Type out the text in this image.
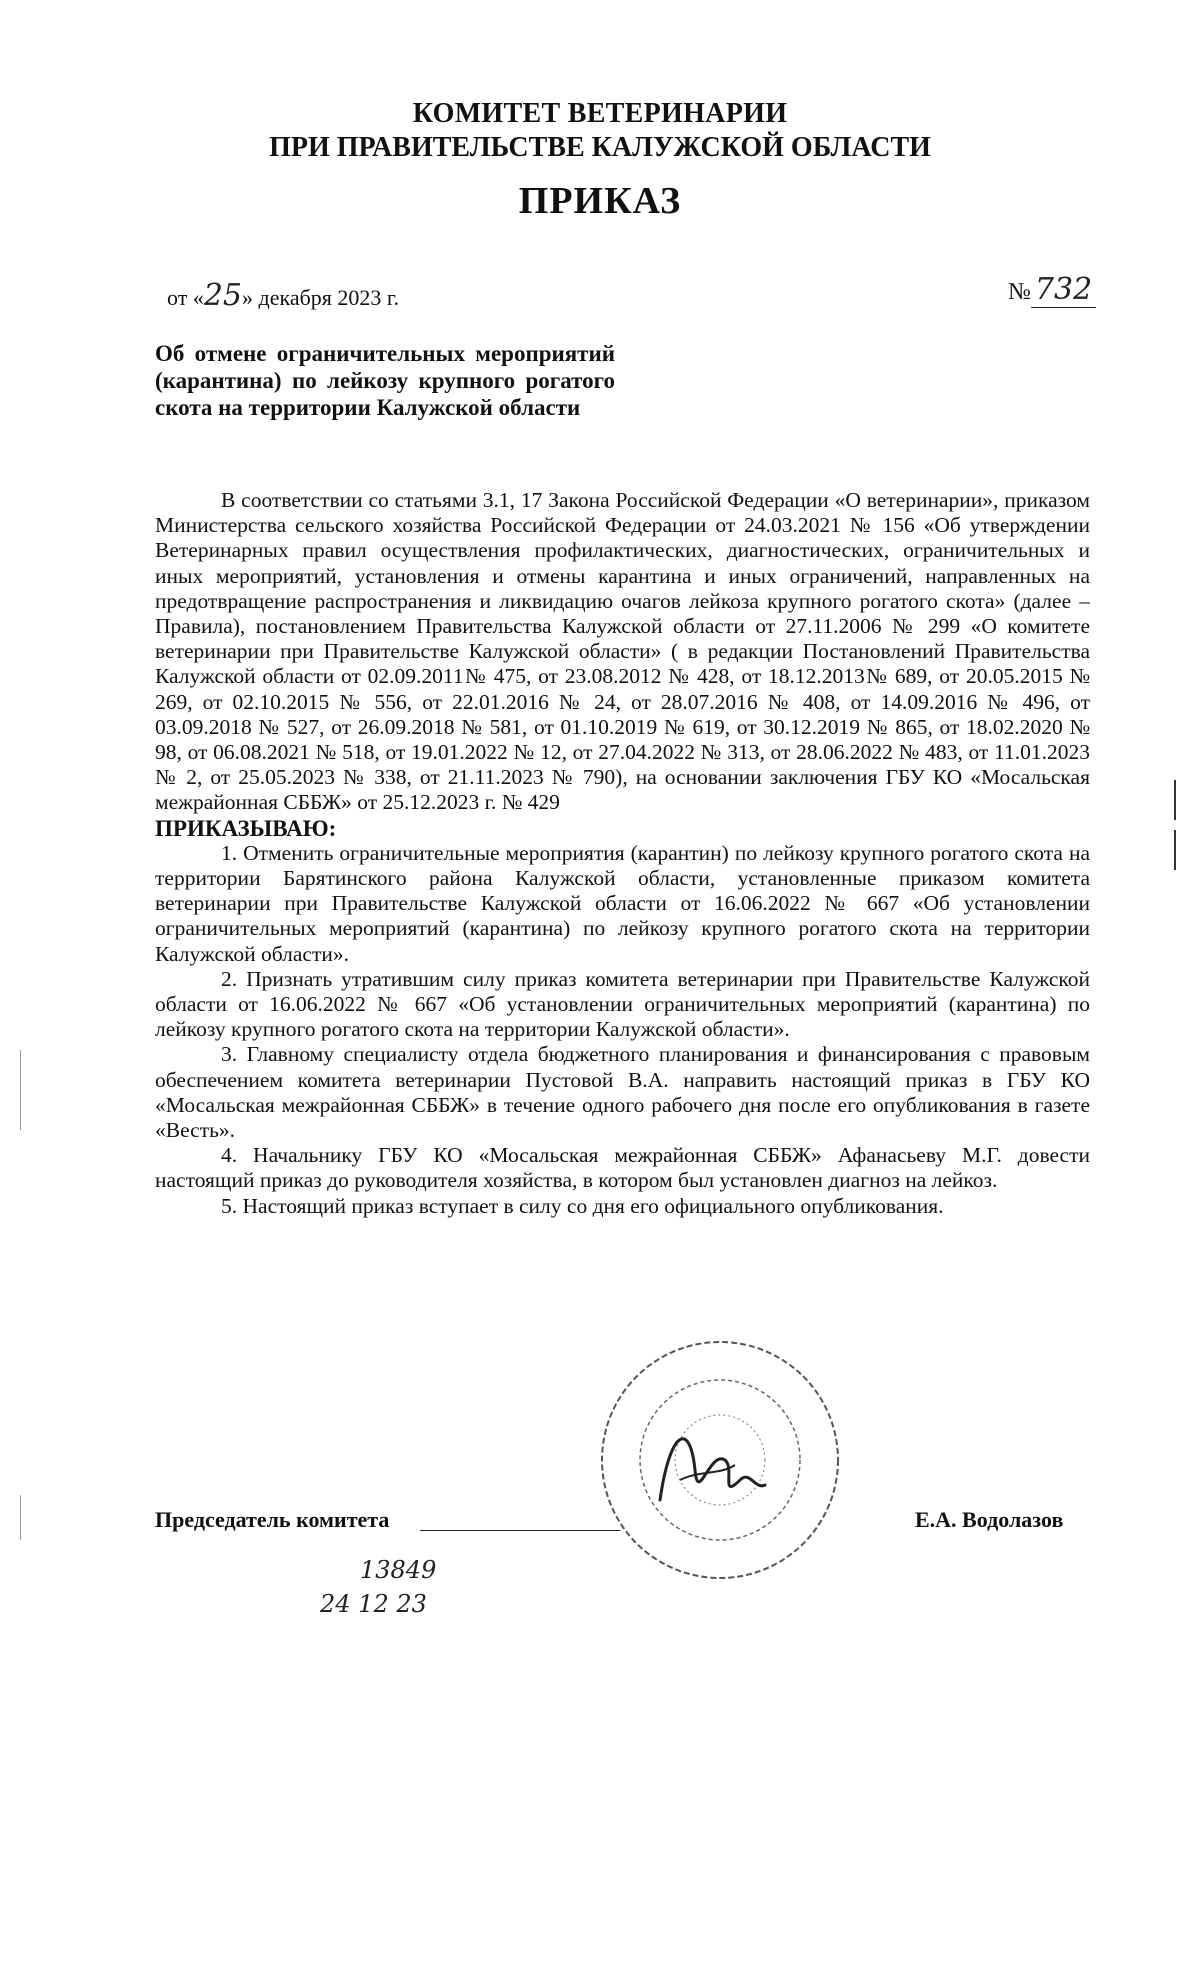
КОМИТЕТ ВЕТЕРИНАРИИ
ПРИ ПРАВИТЕЛЬСТВЕ КАЛУЖСКОЙ ОБЛАСТИ
ПРИКАЗ
от «25» декабря 2023 г.	№ 732
Об отмене ограничительных мероприятий (карантина) по лейкозу крупного рогатого скота на территории Калужской области

В соответствии со статьями 3.1, 17 Закона Российской Федерации «О ветеринарии», приказом Министерства сельского хозяйства Российской Федерации от 24.03.2021 № 156 «Об утверждении Ветеринарных правил осуществления профилактических, диагностических, ограничительных и иных мероприятий, установления и отмены карантина и иных ограничений, направленных на предотвращение распространения и ликвидацию очагов лейкоза крупного рогатого скота» (далее – Правила), постановлением Правительства Калужской области от 27.11.2006 № 299 «О комитете ветеринарии при Правительстве Калужской области» ( в редакции Постановлений Правительства Калужской области от 02.09.2011№ 475, от 23.08.2012 № 428, от 18.12.2013№ 689, от 20.05.2015 № 269, от 02.10.2015 № 556, от 22.01.2016 № 24, от 28.07.2016 № 408, от 14.09.2016 № 496, от 03.09.2018 № 527, от 26.09.2018 № 581, от 01.10.2019 № 619, от 30.12.2019 № 865, от 18.02.2020 № 98, от 06.08.2021 № 518, от 19.01.2022 № 12, от 27.04.2022 № 313, от 28.06.2022 № 483, от 11.01.2023 № 2, от 25.05.2023 № 338, от 21.11.2023 № 790), на основании заключения ГБУ КО «Мосальская межрайонная СББЖ» от 25.12.2023 г. № 429

ПРИКАЗЫВАЮ:

1. Отменить ограничительные мероприятия (карантин) по лейкозу крупного рогатого скота на территории Барятинского района Калужской области, установленные приказом комитета ветеринарии при Правительстве Калужской области от 16.06.2022 № 667 «Об установлении ограничительных мероприятий (карантина) по лейкозу крупного рогатого скота на территории Калужской области».

2. Признать утратившим силу приказ комитета ветеринарии при Правительстве Калужской области от 16.06.2022 № 667 «Об установлении ограничительных мероприятий (карантина) по лейкозу крупного рогатого скота на территории Калужской области».

3. Главному специалисту отдела бюджетного планирования и финансирования с правовым обеспечением комитета ветеринарии Пустовой В.А. направить настоящий приказ в ГБУ КО «Мосальская межрайонная СББЖ» в течение одного рабочего дня после его опубликования в газете «Весть».

4. Начальнику ГБУ КО «Мосальская межрайонная СББЖ» Афанасьеву М.Г. довести настоящий приказ до руководителя хозяйства, в котором был установлен диагноз на лейкоз.

5. Настоящий приказ вступает в силу со дня его официального опубликования.

Председатель комитета	Е.А. Водолазов
13849
24 12 23
